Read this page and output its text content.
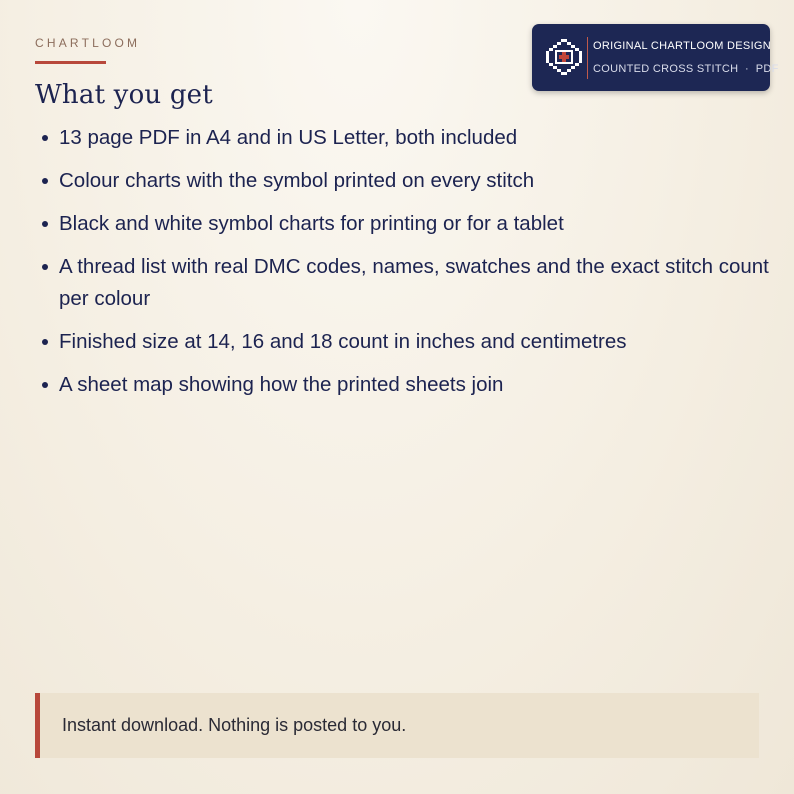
CHARTLOOM
What you get
ORIGINAL CHARTLOOM DESIGN
COUNTED CROSS STITCH  ·  PDF
13 page PDF in A4 and in US Letter, both included
Colour charts with the symbol printed on every stitch
Black and white symbol charts for printing or for a tablet
A thread list with real DMC codes, names, swatches and the exact stitch count per colour
Finished size at 14, 16 and 18 count in inches and centimetres
A sheet map showing how the printed sheets join
Instant download. Nothing is posted to you.
